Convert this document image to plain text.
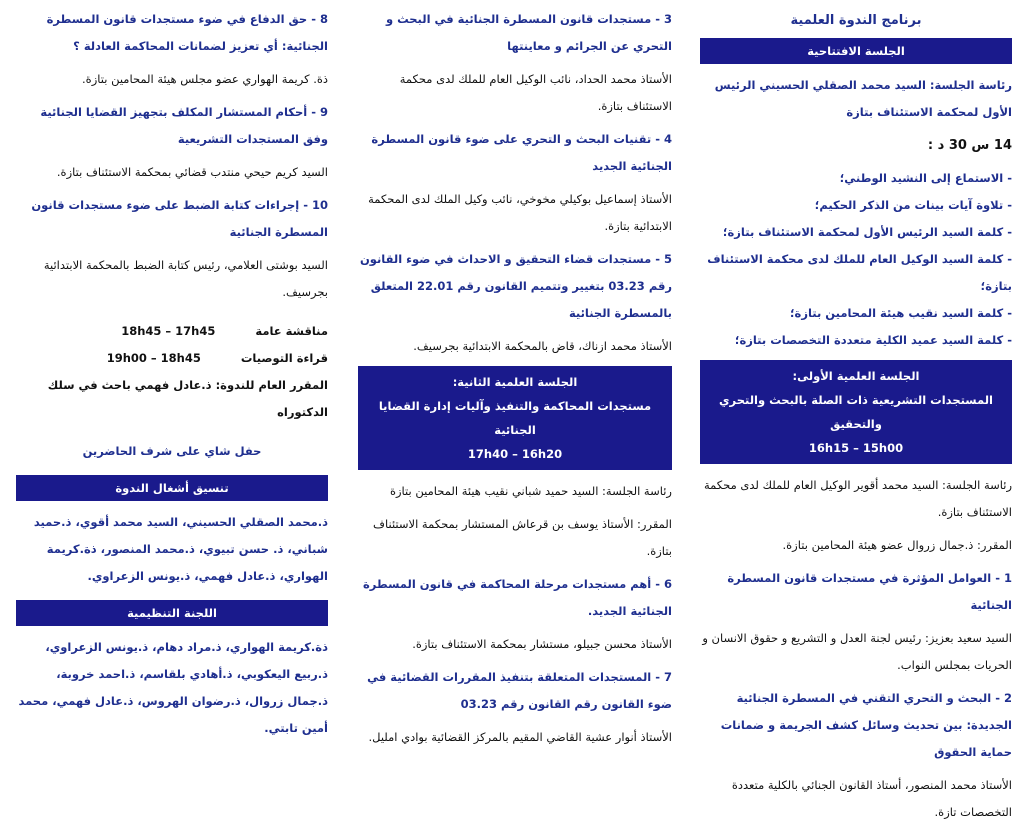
برنامج الندوة العلمية
الجلسة الافتتاحية
رئاسة الجلسة: السيد محمد الصقلي الحسيني الرئيس الأول لمحكمة الاستئناف بتازة
14 س 30 د :
- الاستماع إلى النشيد الوطني؛
- تلاوة آيات بينات من الذكر الحكيم؛
- كلمة السيد الرئيس الأول لمحكمة الاستئناف بتازة؛
- كلمة السيد الوكيل العام للملك لدى محكمة الاستئناف بتازة؛
- كلمة السيد نقيب هيئة المحامين بتازة؛
- كلمة السيد عميد الكلية متعددة التخصصات بتازة؛
الجلسة العلمية الأولى:
المستجدات التشريعية ذات الصلة بالبحث والتحري والتحقيق
16h15 – 15h00
رئاسة الجلسة: السيد محمد أقوير الوكيل العام للملك لدى محكمة الاستئناف بتازة.
المقرر: ذ.جمال زروال عضو هيئة المحامين بتازة.
1 - العوامل المؤثرة في مستجدات قانون المسطرة الجنائية
السيد سعيد بعزيز: رئيس لجنة العدل و التشريع و حقوق الانسان و الحريات بمجلس النواب.
2 - البحث و التحري التقني في المسطرة الجنائية الجديدة: بين تحديث وسائل كشف الجريمة و ضمانات حماية الحقوق
الأستاذ محمد المنصور، أستاذ القانون الجنائي بالكلية متعددة التخصصات تازة.
3 - مستجدات قانون المسطرة الجنائية في البحث و التحري عن الجرائم و معاينتها
الأستاذ محمد الحداد، نائب الوكيل العام للملك لدى محكمة الاستئناف بتازة.
4 - تقنيات البحث و التحري على ضوء قانون المسطرة الجنائية الجديد
الأستاذ إسماعيل بوكيلي مخوخي، نائب وكيل الملك لدى المحكمة الابتدائية بتازة.
5 - مستجدات قضاء التحقيق و الاحداث في ضوء القانون رقم 03.23 بتغيير وتتميم القانون رقم 22.01 المتعلق بالمسطرة الجنائية
الأستاذ محمد ازناك، قاض بالمحكمة الابتدائية بجرسيف.
الجلسة العلمية الثانية:
مستجدات المحاكمة والتنفيذ وآليات إدارة القضايا الجنائية
17h40 – 16h20
رئاسة الجلسة: السيد حميد شباني نقيب هيئة المحامين بتازة
المقرر: الأستاذ يوسف بن قرعاش المستشار بمحكمة الاستئناف بتازة.
6 - أهم مستجدات مرحلة المحاكمة في قانون المسطرة الجنائية الجديد.
الأستاذ محسن جبيلو، مستشار بمحكمة الاستئناف بتازة.
7 - المستجدات المتعلقة بتنفيذ المقررات القضائية في ضوء القانون رقم القانون رقم 03.23
الأستاذ أنوار عشية القاضي المقيم بالمركز القضائية بوادي امليل.
8 - حق الدفاع في ضوء مستجدات قانون المسطرة الجنائية: أي تعزيز لضمانات المحاكمة العادلة ؟
ذة. كريمة الهواري عضو مجلس هيئة المحامين بتازة.
9 - أحكام المستشار المكلف بتجهيز القضايا الجنائية وفق المستجدات التشريعية
السيد كريم حيحي منتدب قضائي بمحكمة الاستئناف بتازة.
10 - إجراءات كتابة الضبط على ضوء مستجدات قانون المسطرة الجنائية
السيد بوشتى العلامي، رئيس كتابة الضبط بالمحكمة الابتدائية بجرسيف.
مناقشة عامة
18h45 – 17h45
قراءة التوصيات
19h00 – 18h45
المقرر العام للندوة: ذ.عادل فهمي باحث في سلك الدكتوراه
حفل شاي على شرف الحاضرين
تنسيق أشغال الندوة
ذ.محمد الصقلي الحسيني، السيد محمد أقوي، ذ.حميد شباني، ذ. حسن تبيوي، ذ.محمد المنصور، ذة.كريمة الهواري، ذ.عادل فهمي، ذ.يونس الزعراوي.
اللجنة التنظيمية
ذة.كريمة الهواري، ذ.مراد دهام، ذ.يونس الزعراوي، ذ.ربيع اليعكوبي، ذ.أهادي بلقاسم، ذ.احمد خروبة، ذ.جمال زروال، ذ.رضوان الهروس، ذ.عادل فهمي، محمد أمين تابتي.
